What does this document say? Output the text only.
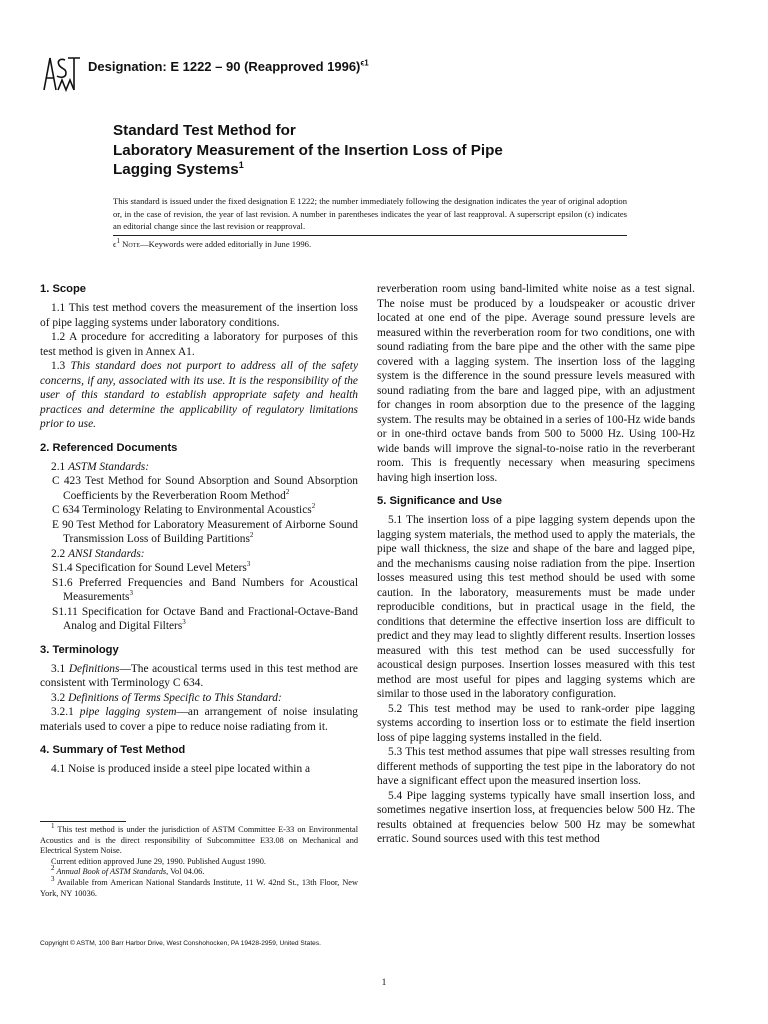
Designation: E 1222 – 90 (Reapproved 1996)$^{\epsilon 1}$
Standard Test Method for
Laboratory Measurement of the Insertion Loss of Pipe
Lagging Systems$^1$
This standard is issued under the fixed designation E 1222; the number immediately following the designation indicates the year of original adoption or, in the case of revision, the year of last revision. A number in parentheses indicates the year of last reapproval. A superscript epsilon (ϵ) indicates an editorial change since the last revision or reapproval.
$\epsilon^1$ Note—Keywords were added editorially in June 1996.
1. Scope

1.1 This test method covers the measurement of the insertion loss of pipe lagging systems under laboratory conditions.

1.2 A procedure for accrediting a laboratory for purposes of this test method is given in Annex A1.

1.3 This standard does not purport to address all of the safety concerns, if any, associated with its use. It is the responsibility of the user of this standard to establish appropriate safety and health practices and determine the applicability of regulatory limitations prior to use.

2. Referenced Documents

2.1 ASTM Standards:

C 423 Test Method for Sound Absorption and Sound Absorption Coefficients by the Reverberation Room Method$^2$

C 634 Terminology Relating to Environmental Acoustics$^2$

E 90 Test Method for Laboratory Measurement of Airborne Sound Transmission Loss of Building Partitions$^2$

2.2 ANSI Standards:

S1.4 Specification for Sound Level Meters$^3$

S1.6 Preferred Frequencies and Band Numbers for Acoustical Measurements$^3$

S1.11 Specification for Octave Band and Fractional-Octave-Band Analog and Digital Filters$^3$

3. Terminology

3.1 Definitions—The acoustical terms used in this test method are consistent with Terminology C 634.

3.2 Definitions of Terms Specific to This Standard:

3.2.1 pipe lagging system—an arrangement of noise insulating materials used to cover a pipe to reduce noise radiating from it.

4. Summary of Test Method

4.1 Noise is produced inside a steel pipe located within a

$^1$ This test method is under the jurisdiction of ASTM Committee E-33 on Environmental Acoustics and is the direct responsibility of Subcommittee E33.08 on Mechanical and Electrical System Noise.

Current edition approved June 29, 1990. Published August 1990.

$^2$ Annual Book of ASTM Standards, Vol 04.06.

$^3$ Available from American National Standards Institute, 11 W. 42nd St., 13th Floor, New York, NY 10036.

reverberation room using band-limited white noise as a test signal. The noise must be produced by a loudspeaker or acoustic driver located at one end of the pipe. Average sound pressure levels are measured within the reverberation room for two conditions, one with sound radiating from the bare pipe and the other with the same pipe covered with a lagging system. The insertion loss of the lagging system is the difference in the sound pressure levels measured with sound radiating from the bare and lagged pipe, with an adjustment for changes in room absorption due to the presence of the lagging system. The results may be obtained in a series of 100-Hz wide bands or in one-third octave bands from 500 to 5000 Hz. Using 100-Hz wide bands will improve the signal-to-noise ratio in the reverberant room. This is frequently necessary when measuring specimens having high insertion loss.

5. Significance and Use

5.1 The insertion loss of a pipe lagging system depends upon the lagging system materials, the method used to apply the materials, the pipe wall thickness, the size and shape of the bare and lagged pipe, and the mechanisms causing noise radiation from the pipe. Insertion losses measured using this test method should be used with some caution. In the laboratory, measurements must be made under reproducible conditions, but in practical usage in the field, the conditions that determine the effective insertion loss are difficult to predict and they may lead to slightly different results. Insertion losses measured with this test method can be used successfully for acoustical design purposes. Insertion losses measured with this test method are most useful for pipes and lagging systems which are similar to those used in the laboratory configuration.

5.2 This test method may be used to rank-order pipe lagging systems according to insertion loss or to estimate the field insertion loss of pipe lagging systems installed in the field.

5.3 This test method assumes that pipe wall stresses resulting from different methods of supporting the test pipe in the laboratory do not have a significant effect upon the measured insertion loss.

5.4 Pipe lagging systems typically have small insertion loss, and sometimes negative insertion loss, at frequencies below 500 Hz. The results obtained at frequencies below 500 Hz may be somewhat erratic. Sound sources used with this test method

Copyright © ASTM, 100 Barr Harbor Drive, West Conshohocken, PA 19428-2959, United States.
1
